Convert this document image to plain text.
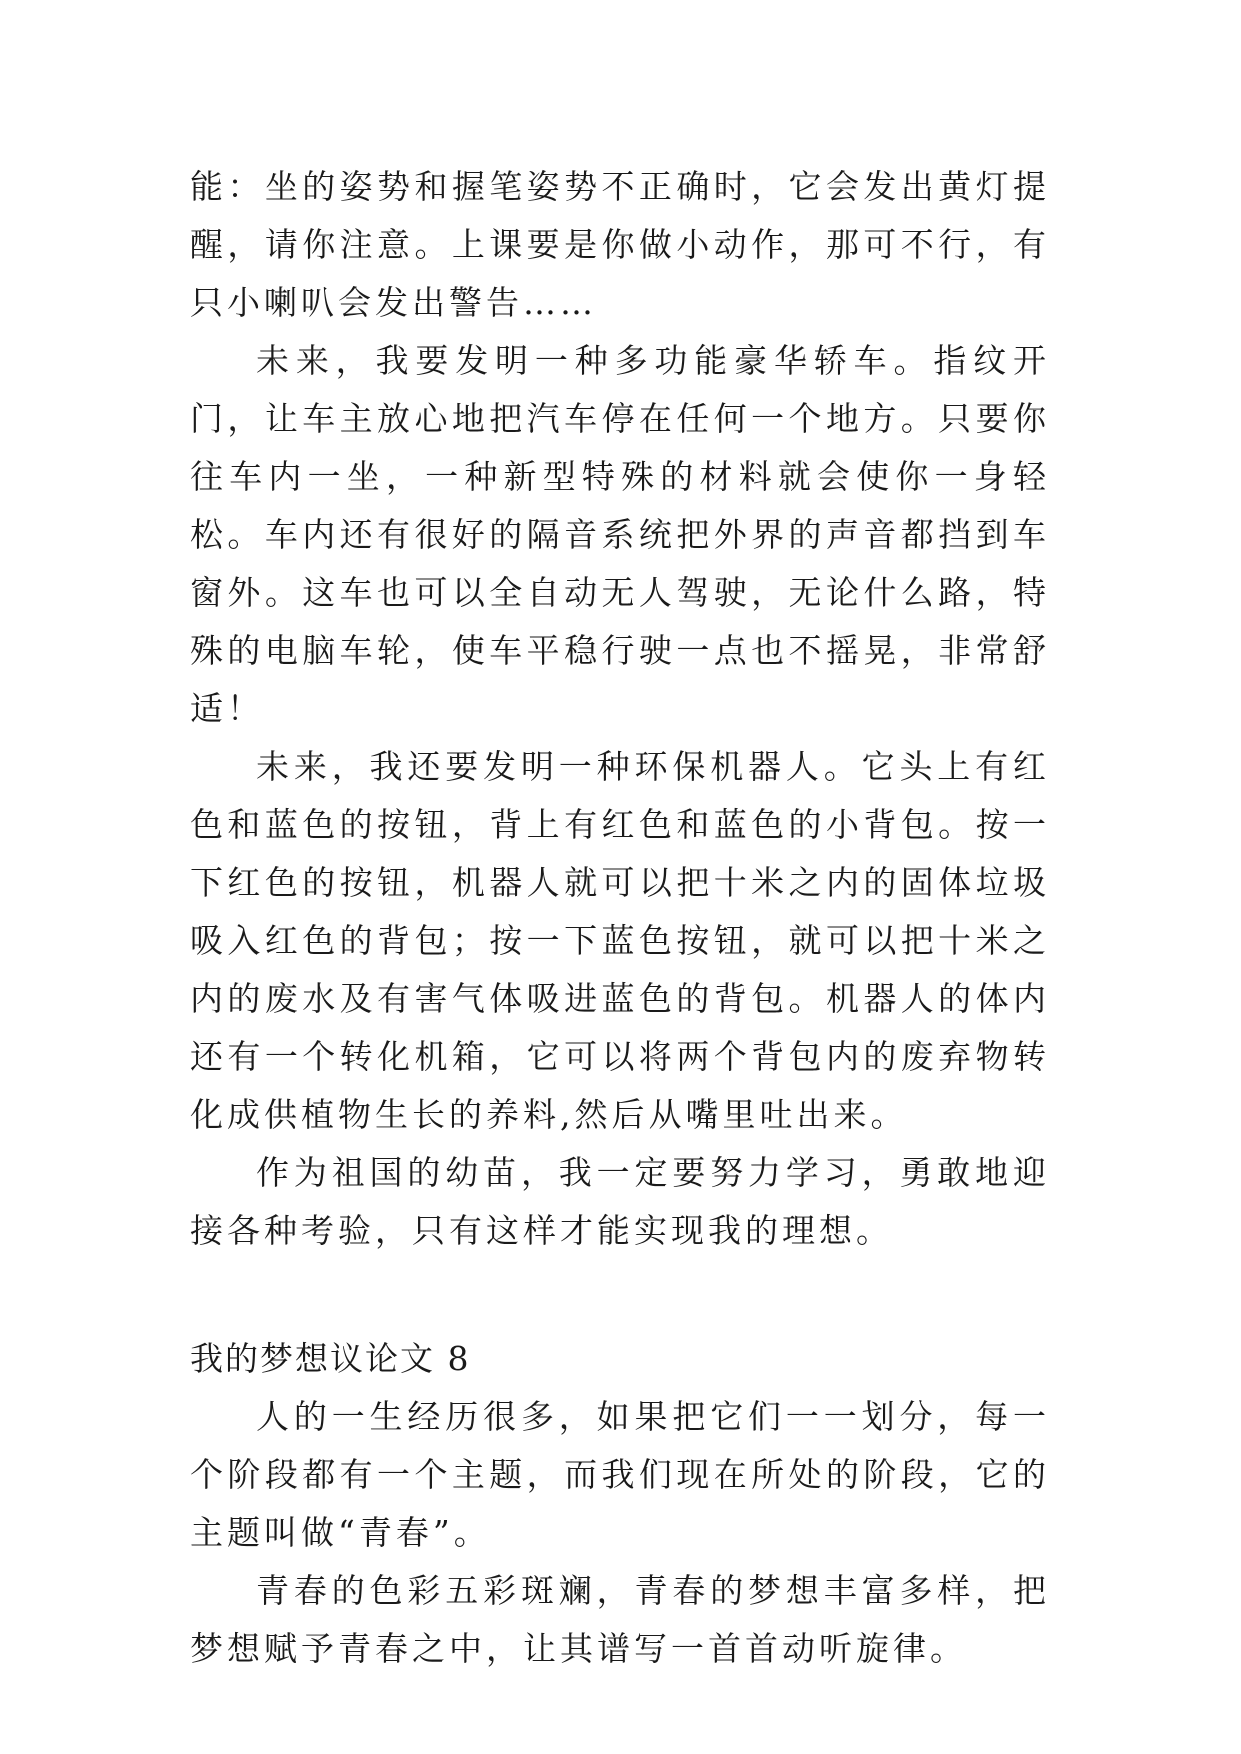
能：坐的姿势和握笔姿势不正确时，它会发出黄灯提醒，请你注意。上课要是你做小动作，那可不行，有只小喇叭会发出警告……

未来，我要发明一种多功能豪华轿车。指纹开门，让车主放心地把汽车停在任何一个地方。只要你往车内一坐，一种新型特殊的材料就会使你一身轻松。车内还有很好的隔音系统把外界的声音都挡到车窗外。这车也可以全自动无人驾驶，无论什么路，特殊的电脑车轮，使车平稳行驶一点也不摇晃，非常舒适！

未来，我还要发明一种环保机器人。它头上有红色和蓝色的按钮，背上有红色和蓝色的小背包。按一下红色的按钮，机器人就可以把十米之内的固体垃圾吸入红色的背包；按一下蓝色按钮，就可以把十米之内的废水及有害气体吸进蓝色的背包。机器人的体内还有一个转化机箱，它可以将两个背包内的废弃物转化成供植物生长的养料,然后从嘴里吐出来。

作为祖国的幼苗，我一定要努力学习，勇敢地迎接各种考验，只有这样才能实现我的理想。

我的梦想议论文 8

人的一生经历很多，如果把它们一一划分，每一个阶段都有一个主题，而我们现在所处的阶段，它的主题叫做“青春”。

青春的色彩五彩斑斓，青春的梦想丰富多样，把梦想赋予青春之中，让其谱写一首首动听旋律。
